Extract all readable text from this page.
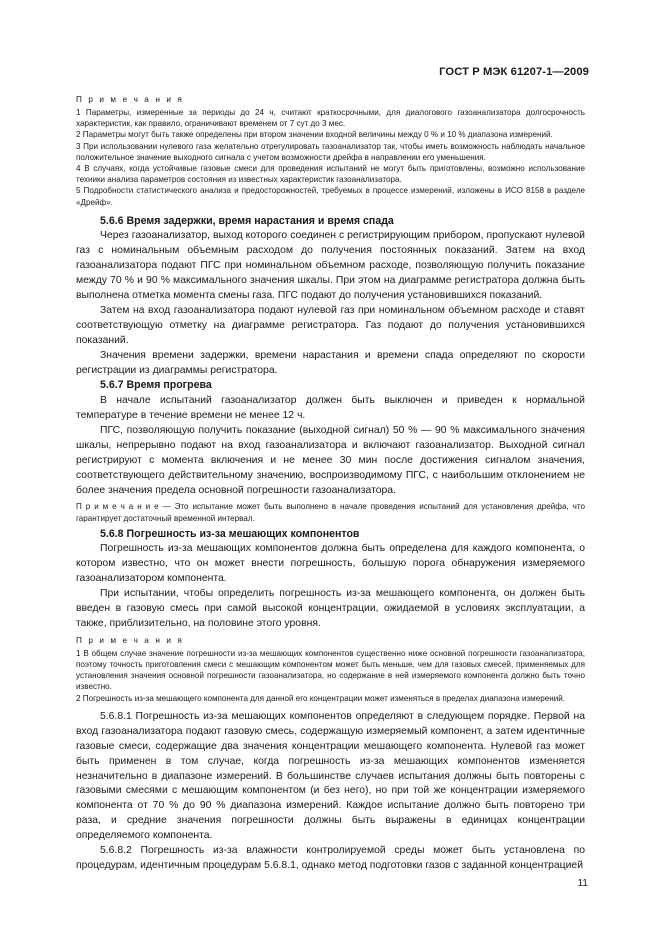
ГОСТ Р МЭК 61207-1—2009

П р и м е ч а н и я

1 Параметры, измеренные за периоды до 24 ч, считают краткосрочными, для диалогового газоанализатора долгосрочность характеристик, как правило, ограничивают временем от 7 сут до 3 мес.

2 Параметры могут быть также определены при втором значении входной величины между 0 % и 10 % диапазона измерений.

3 При использовании нулевого газа желательно отрегулировать газоанализатор так, чтобы иметь возможность наблюдать начальное положительное значение выходного сигнала с учетом возможности дрейфа в направлении его уменьшения.

4 В случаях, когда устойчивые газовые смеси для проведения испытаний не могут быть приготовлены, возможно использование техники анализа параметров состояния из известных характеристик газоанализатора.

5 Подробности статистического анализа и предосторожностей, требуемых в процессе измерений, изложены в ИСО 8158 в разделе «Дрейф».

5.6.6 Время задержки, время нарастания и время спада

Через газоанализатор, выход которого соединен с регистрирующим прибором, пропускают нулевой газ с номинальным объемным расходом до получения постоянных показаний. Затем на вход газоанализатора подают ПГС при номинальном объемном расходе, позволяющую получить показание между 70 % и 90 % максимального значения шкалы. При этом на диаграмме регистратора должна быть выполнена отметка момента смены газа. ПГС подают до получения установившихся показаний.

Затем на вход газоанализатора подают нулевой газ при номинальном объемном расходе и ставят соответствующую отметку на диаграмме регистратора. Газ подают до получения установившихся показаний.

Значения времени задержки, времени нарастания и времени спада определяют по скорости регистрации из диаграммы регистратора.

5.6.7 Время прогрева

В начале испытаний газоанализатор должен быть выключен и приведен к нормальной температуре в течение времени не менее 12 ч.

ПГС, позволяющую получить показание (выходной сигнал) 50 % — 90 % максимального значения шкалы, непрерывно подают на вход газоанализатора и включают газоанализатор. Выходной сигнал регистрируют с момента включения и не менее 30 мин после достижения сигналом значения, соответствующего действительному значению, воспроизводимому ПГС, с наибольшим отклонением не более значения предела основной погрешности газоанализатора.

П р и м е ч а н и е — Это испытание может быть выполнено в начале проведения испытаний для установления дрейфа, что гарантирует достаточный временной интервал.

5.6.8 Погрешность из-за мешающих компонентов

Погрешность из-за мешающих компонентов должна быть определена для каждого компонента, о котором известно, что он может внести погрешность, большую порога обнаружения измеряемого газоанализатором компонента.

При испытании, чтобы определить погрешность из-за мешающего компонента, он должен быть введен в газовую смесь при самой высокой концентрации, ожидаемой в условиях эксплуатации, а также, приблизительно, на половине этого уровня.

П р и м е ч а н и я

1 В общем случае значение погрешности из-за мешающих компонентов существенно ниже основной погрешности газоанализатора, поэтому точность приготовления смеси с мешающим компонентом может быть меньше, чем для газовых смесей, применяемых для установления значения основной погрешности газоанализатора, но содержание в ней измеряемого компонента должно быть точно известно.

2 Погрешность из-за мешающего компонента для данной его концентрации может изменяться в пределах диапазона измерений.

5.6.8.1 Погрешность из-за мешающих компонентов определяют в следующем порядке. Первой на вход газоанализатора подают газовую смесь, содержащую измеряемый компонент, а затем идентичные газовые смеси, содержащие два значения концентрации мешающего компонента. Нулевой газ может быть применен в том случае, когда погрешность из-за мешающих компонентов изменяется незначительно в диапазоне измерений. В большинстве случаев испытания должны быть повторены с газовыми смесями с мешающим компонентом (и без него), но при той же концентрации измеряемого компонента от 70 % до 90 % диапазона измерений. Каждое испытание должно быть повторено три раза, и средние значения погрешности должны быть выражены в единицах концентрации определяемого компонента.

5.6.8.2 Погрешность из-за влажности контролируемой среды может быть установлена по процедурам, идентичным процедурам 5.6.8.1, однако метод подготовки газов с заданной концентрацией

11
